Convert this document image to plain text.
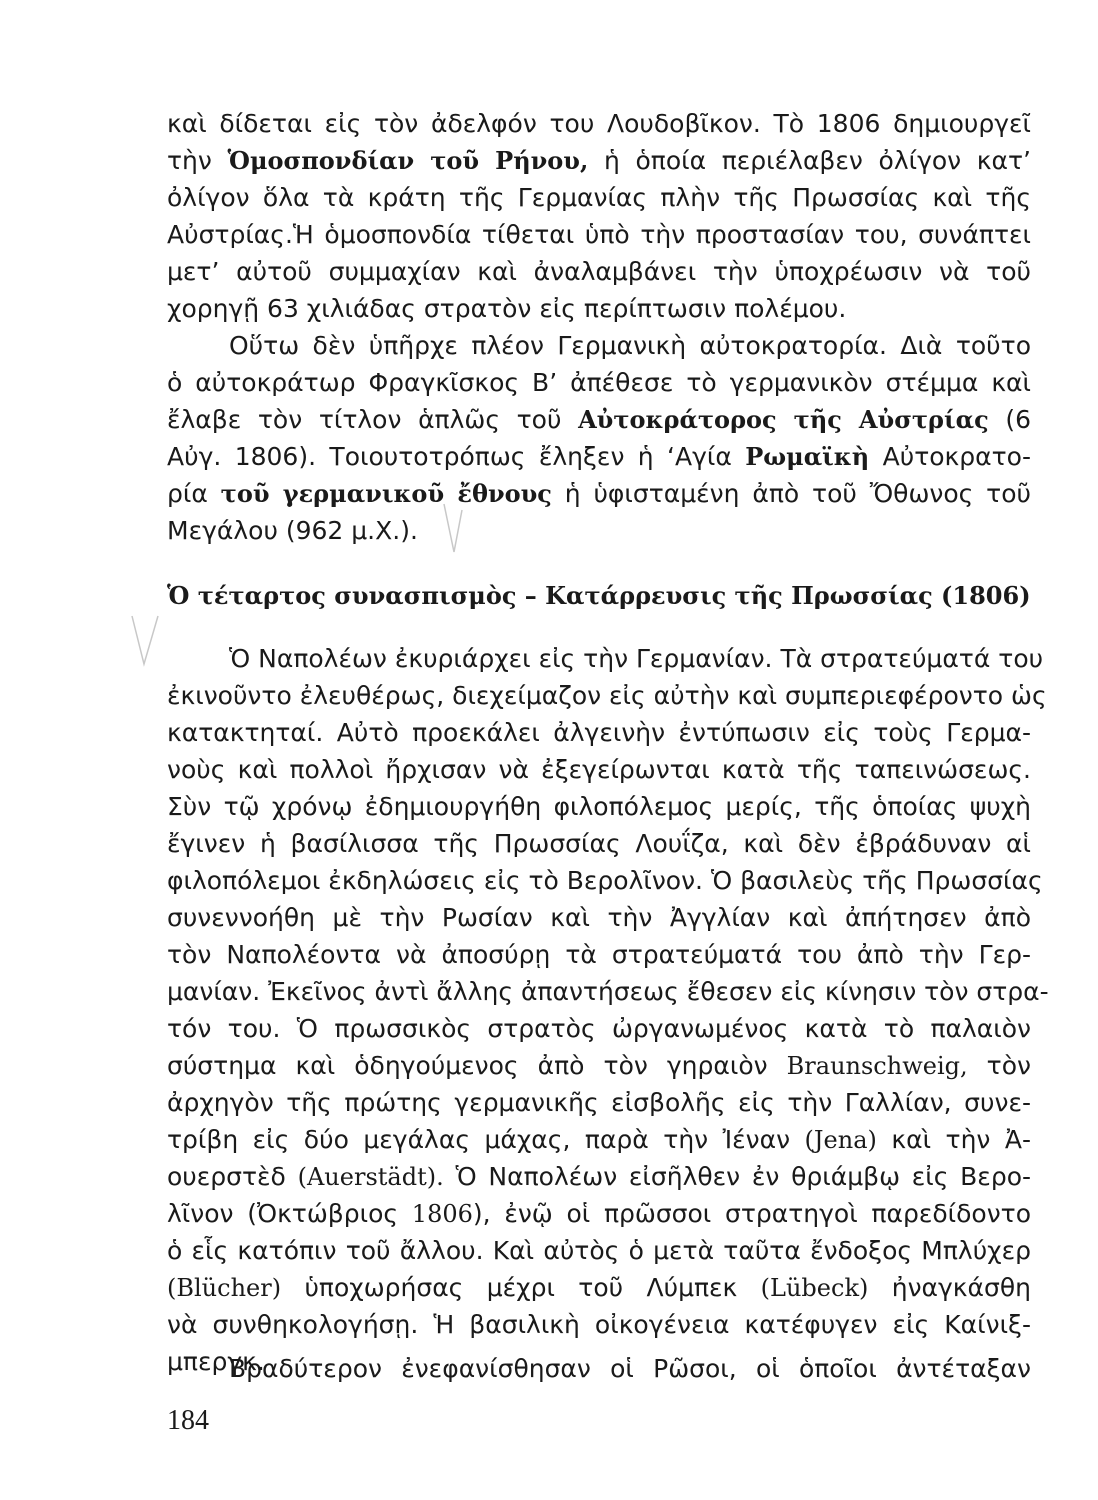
καὶ δίδεται εἰς τὸν ἀδελφόν του Λουδοβῖκον. Τὸ 1806 δημιουργεῖ
τὴν Ὁμοσπονδίαν τοῦ Ρήνου, ἡ ὁποία περιέλαβεν ὀλίγον κατ’
ὀλίγον ὅλα τὰ κράτη τῆς Γερμανίας πλὴν τῆς Πρωσσίας καὶ τῆς
Αὐστρίας.Ἡ ὁμοσπονδία τίθεται ὑπὸ τὴν προστασίαν του, συνάπτει
μετ’ αὐτοῦ συμμαχίαν καὶ ἀναλαμβάνει τὴν ὑποχρέωσιν νὰ τοῦ
χορηγῇ 63 χιλιάδας στρατὸν εἰς περίπτωσιν πολέμου.
Οὕτω δὲν ὑπῆρχε πλέον Γερμανικὴ αὐτοκρατορία. Διὰ τοῦτο
ὁ αὐτοκράτωρ Φραγκῖσκος Β’ ἀπέθεσε τὸ γερμανικὸν στέμμα καὶ
ἔλαβε τὸν τίτλον ἁπλῶς τοῦ Αὐτοκράτορος τῆς Αὐστρίας (6
Αὐγ. 1806). Τοιουτοτρόπως ἔληξεν ἡ ‘Αγία Ρωμαϊκὴ Αὐτοκρατο-
ρία τοῦ γερμανικοῦ ἔθνους ἡ ὑφισταμένη ἀπὸ τοῦ Ὄθωνος τοῦ
Μεγάλου (962 μ.Χ.).
Ὁ τέταρτος συνασπισμὸς – Κατάρρευσις τῆς Πρωσσίας (1806)
Ὁ Ναπολέων ἐκυριάρχει εἰς τὴν Γερμανίαν. Τὰ στρατεύματά του
ἐκινοῦντο ἐλευθέρως, διεχείμαζον εἰς αὐτὴν καὶ συμπεριεφέροντο ὡς
κατακτηταί. Αὐτὸ προεκάλει ἀλγεινὴν ἐντύπωσιν εἰς τοὺς Γερμα-
νοὺς καὶ πολλοὶ ἤρχισαν νὰ ἐξεγείρωνται κατὰ τῆς ταπεινώσεως.
Σὺν τῷ χρόνῳ ἐδημιουργήθη φιλοπόλεμος μερίς, τῆς ὁποίας ψυχὴ
ἔγινεν ἡ βασίλισσα τῆς Πρωσσίας Λουΐζα, καὶ δὲν ἐβράδυναν αἱ
φιλοπόλεμοι ἐκδηλώσεις εἰς τὸ Βερολῖνον. Ὁ βασιλεὺς τῆς Πρωσσίας
συνεννοήθη μὲ τὴν Ρωσίαν καὶ τὴν Ἀγγλίαν καὶ ἀπήτησεν ἀπὸ
τὸν Ναπολέοντα νὰ ἀποσύρῃ τὰ στρατεύματά του ἀπὸ τὴν Γερ-
μανίαν. Ἐκεῖνος ἀντὶ ἄλλης ἀπαντήσεως ἔθεσεν εἰς κίνησιν τὸν στρα-
τόν του. Ὁ πρωσσικὸς στρατὸς ὠργανωμένος κατὰ τὸ παλαιὸν
σύστημα καὶ ὁδηγούμενος ἀπὸ τὸν γηραιὸν Braunschweig, τὸν
ἀρχηγὸν τῆς πρώτης γερμανικῆς εἰσβολῆς εἰς τὴν Γαλλίαν, συνε-
τρίβη εἰς δύο μεγάλας μάχας, παρὰ τὴν Ἰέναν (Jena) καὶ τὴν Ἀ-
ουερστὲδ (Auerstädt). Ὁ Ναπολέων εἰσῆλθεν ἐν θριάμβῳ εἰς Βερο-
λῖνον (Ὀκτώβριος 1806), ἐνῷ οἱ πρῶσσοι στρατηγοὶ παρεδίδοντο
ὁ εἷς κατόπιν τοῦ ἄλλου. Καὶ αὐτὸς ὁ μετὰ ταῦτα ἔνδοξος Μπλύχερ
(Blücher) ὑποχωρήσας μέχρι τοῦ Λύμπεκ (Lübeck) ἠναγκάσθη
νὰ συνθηκολογήσῃ. Ἡ βασιλικὴ οἰκογένεια κατέφυγεν εἰς Καίνιξ-
μπεργκ.
Βραδύτερον ἐνεφανίσθησαν οἱ Ρῶσοι, οἱ ὁποῖοι ἀντέταξαν
184
